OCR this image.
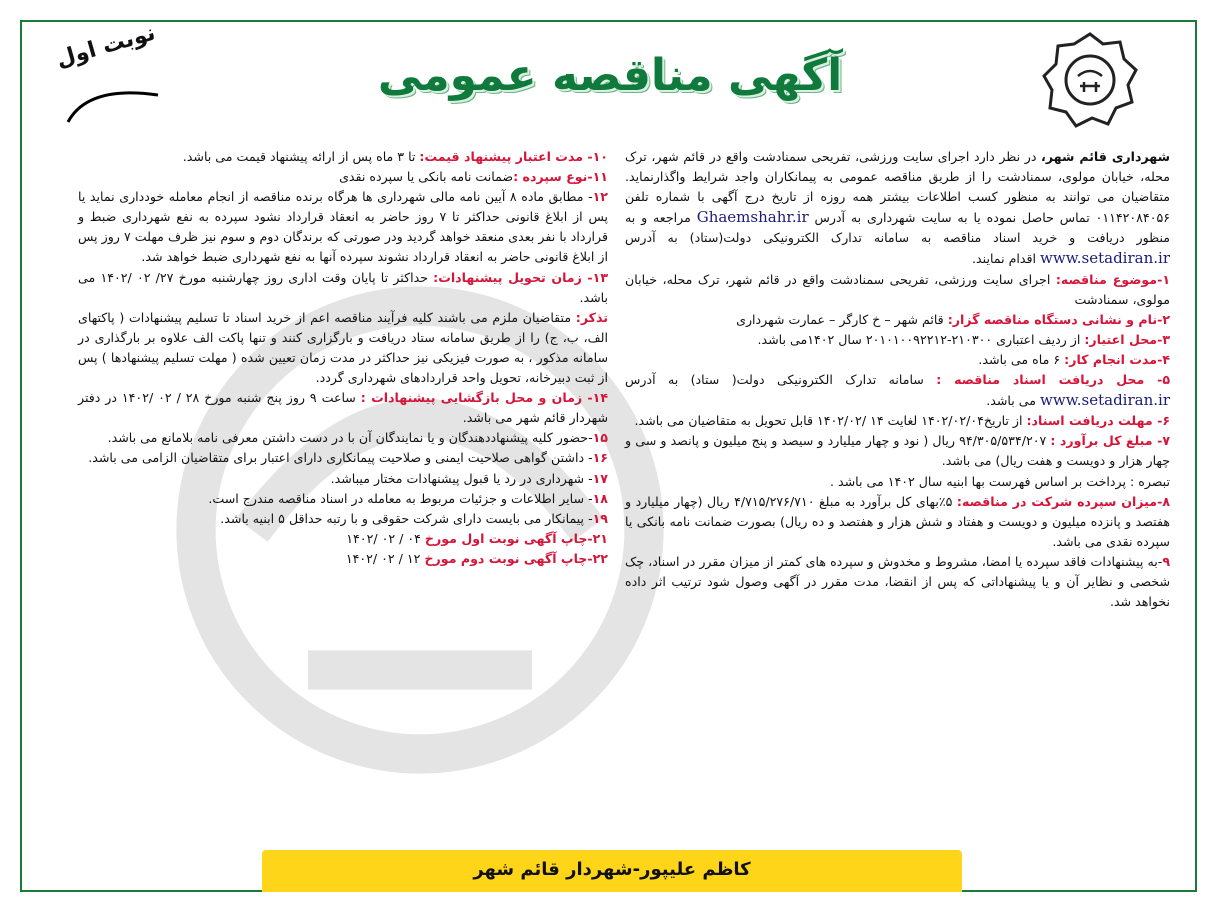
آگهی مناقصه عمومی
نوبت اول

شهرداری قائم شهر، در نظر دارد اجرای سایت ورزشی، تفریحی سمنادشت واقع در قائم شهر، ترک محله، خیابان مولوی، سمنادشت را از طریق مناقصه عمومی به پیمانکاران واجد شرایط واگذارنماید. متقاضیان می توانند به منظور کسب اطلاعات بیشتر همه روزه از تاریخ درج آگهی با شماره تلفن ۰۱۱۴۲۰۸۴۰۵۶ تماس حاصل نموده یا به سایت شهرداری به آدرس Ghaemshahr.ir مراجعه و به منظور دریافت و خرید اسناد مناقصه به سامانه تدارک الکترونیکی دولت(ستاد) به آدرس www.setadiran.ir اقدام نمایند.

۱-موضوع مناقصه: اجرای سایت ورزشی، تفریحی سمنادشت واقع در قائم شهر، ترک محله، خیابان مولوی، سمنادشت

۲-نام و نشانی دستگاه مناقصه گزار: قائم شهر – خ کارگر – عمارت شهرداری

۳-محل اعتبار: از ردیف اعتباری ۲۱۰۳۰۰-۲۰۱۰۱۰۰۹۲۲۱۲ سال ۱۴۰۲می باشد.

۴-مدت انجام کار: ۶ ماه می باشد.

۵- محل دریافت اسناد مناقصه : سامانه تدارک الکترونیکی دولت( ستاد) به آدرس www.setadiran.ir می باشد.

۶- مهلت دریافت اسناد: از تاریخ۱۴۰۲/۰۲/۰۴ لغایت ۱۴ /۱۴۰۲/۰۲ قابل تحویل به متقاضیان می باشد.

۷- مبلغ کل برآورد : ۹۴/۳۰۵/۵۳۴/۲۰۷ ریال ( نود و چهار میلیارد و سیصد و پنج میلیون و پانصد و سی و چهار هزار و دویست و هفت ریال) می باشد.

تبصره : پرداخت بر اساس فهرست بها ابنیه سال ۱۴۰۲ می باشد .

۸-میزان سپرده شرکت در مناقصه: ۵٪بهای کل برآورد به مبلغ ۴/۷۱۵/۲۷۶/۷۱۰ ریال (چهار میلیارد و هفتصد و پانزده میلیون و دویست و هفتاد و شش هزار و هفتصد و ده ریال) بصورت ضمانت نامه بانکی یا سپرده نقدی می باشد.

۹-به پیشنهادات فاقد سپرده یا امضا، مشروط و مخدوش و سپرده های کمتر از میزان مقرر در اسناد، چک شخصی و نظایر آن و یا پیشنهاداتی که پس از انقضا، مدت مقرر در آگهی وصول شود ترتیب اثر داده نخواهد شد.

۱۰- مدت اعتبار پیشنهاد قیمت: تا ۳ ماه پس از ارائه پیشنهاد قیمت می باشد.

۱۱-نوع سپرده :ضمانت نامه بانکی یا سپرده نقدی

۱۲- مطابق ماده ۸ آیین نامه مالی شهرداری ها هرگاه برنده مناقصه از انجام معامله خودداری نماید یا پس از ابلاغ قانونی حداکثر تا ۷ روز حاضر به انعقاد قرارداد نشود سپرده به نفع شهرداری ضبط و قرارداد با نفر بعدی منعقد خواهد گردید ودر صورتی که برندگان دوم و سوم نیز ظرف مهلت ۷ روز پس از ابلاغ قانونی حاضر به انعقاد قرارداد نشوند سپرده آنها به نفع شهرداری ضبط خواهد شد.

۱۳- زمان تحویل پیشنهادات: حداکثر تا پایان وقت اداری روز چهارشنبه مورخ ۲۷/ ۰۲ /۱۴۰۲ می باشد.

تذکر: متقاضیان ملزم می باشند کلیه فرآیند مناقصه اعم از خرید اسناد تا تسلیم پیشنهادات ( پاکتهای الف، ب، ج) را از طریق سامانه ستاد دریافت و بارگزاری کنند و تنها پاکت الف علاوه بر بارگذاری در سامانه مذکور ، به صورت فیزیکی نیز حداکثر در مدت زمان تعیین شده ( مهلت تسلیم پیشنهادها ) پس از ثبت دبیرخانه، تحویل واحد قراردادهای شهرداری گردد.

۱۴- زمان و محل بازگشایی پیشنهادات : ساعت ۹ روز پنج شنبه مورخ ۲۸ / ۰۲ /۱۴۰۲ در دفتر شهردار قائم شهر می باشد.

۱۵-حضور کلیه پیشنهاددهندگان و یا نمایندگان آن با در دست داشتن معرفی نامه بلامانع می باشد.

۱۶- داشتن گواهی صلاحیت ایمنی و صلاحیت پیمانکاری دارای اعتبار برای متقاضیان الزامی می باشد.

۱۷- شهرداری در رد یا قبول پیشنهادات مختار میباشد.

۱۸- سایر اطلاعات و جزئیات مربوط به معامله در اسناد مناقصه مندرج است.

۱۹- پیمانکار می بایست دارای شرکت حقوقی و با رتبه حداقل ۵ ابنیه باشد.

۲۱-چاپ آگهی نوبت اول مورخ ۰۴ / ۰۲ /۱۴۰۲

۲۲-چاپ آگهی نوبت دوم مورخ ۱۲ / ۰۲ /۱۴۰۲

کاظم علیپور-شهردار قائم شهر
